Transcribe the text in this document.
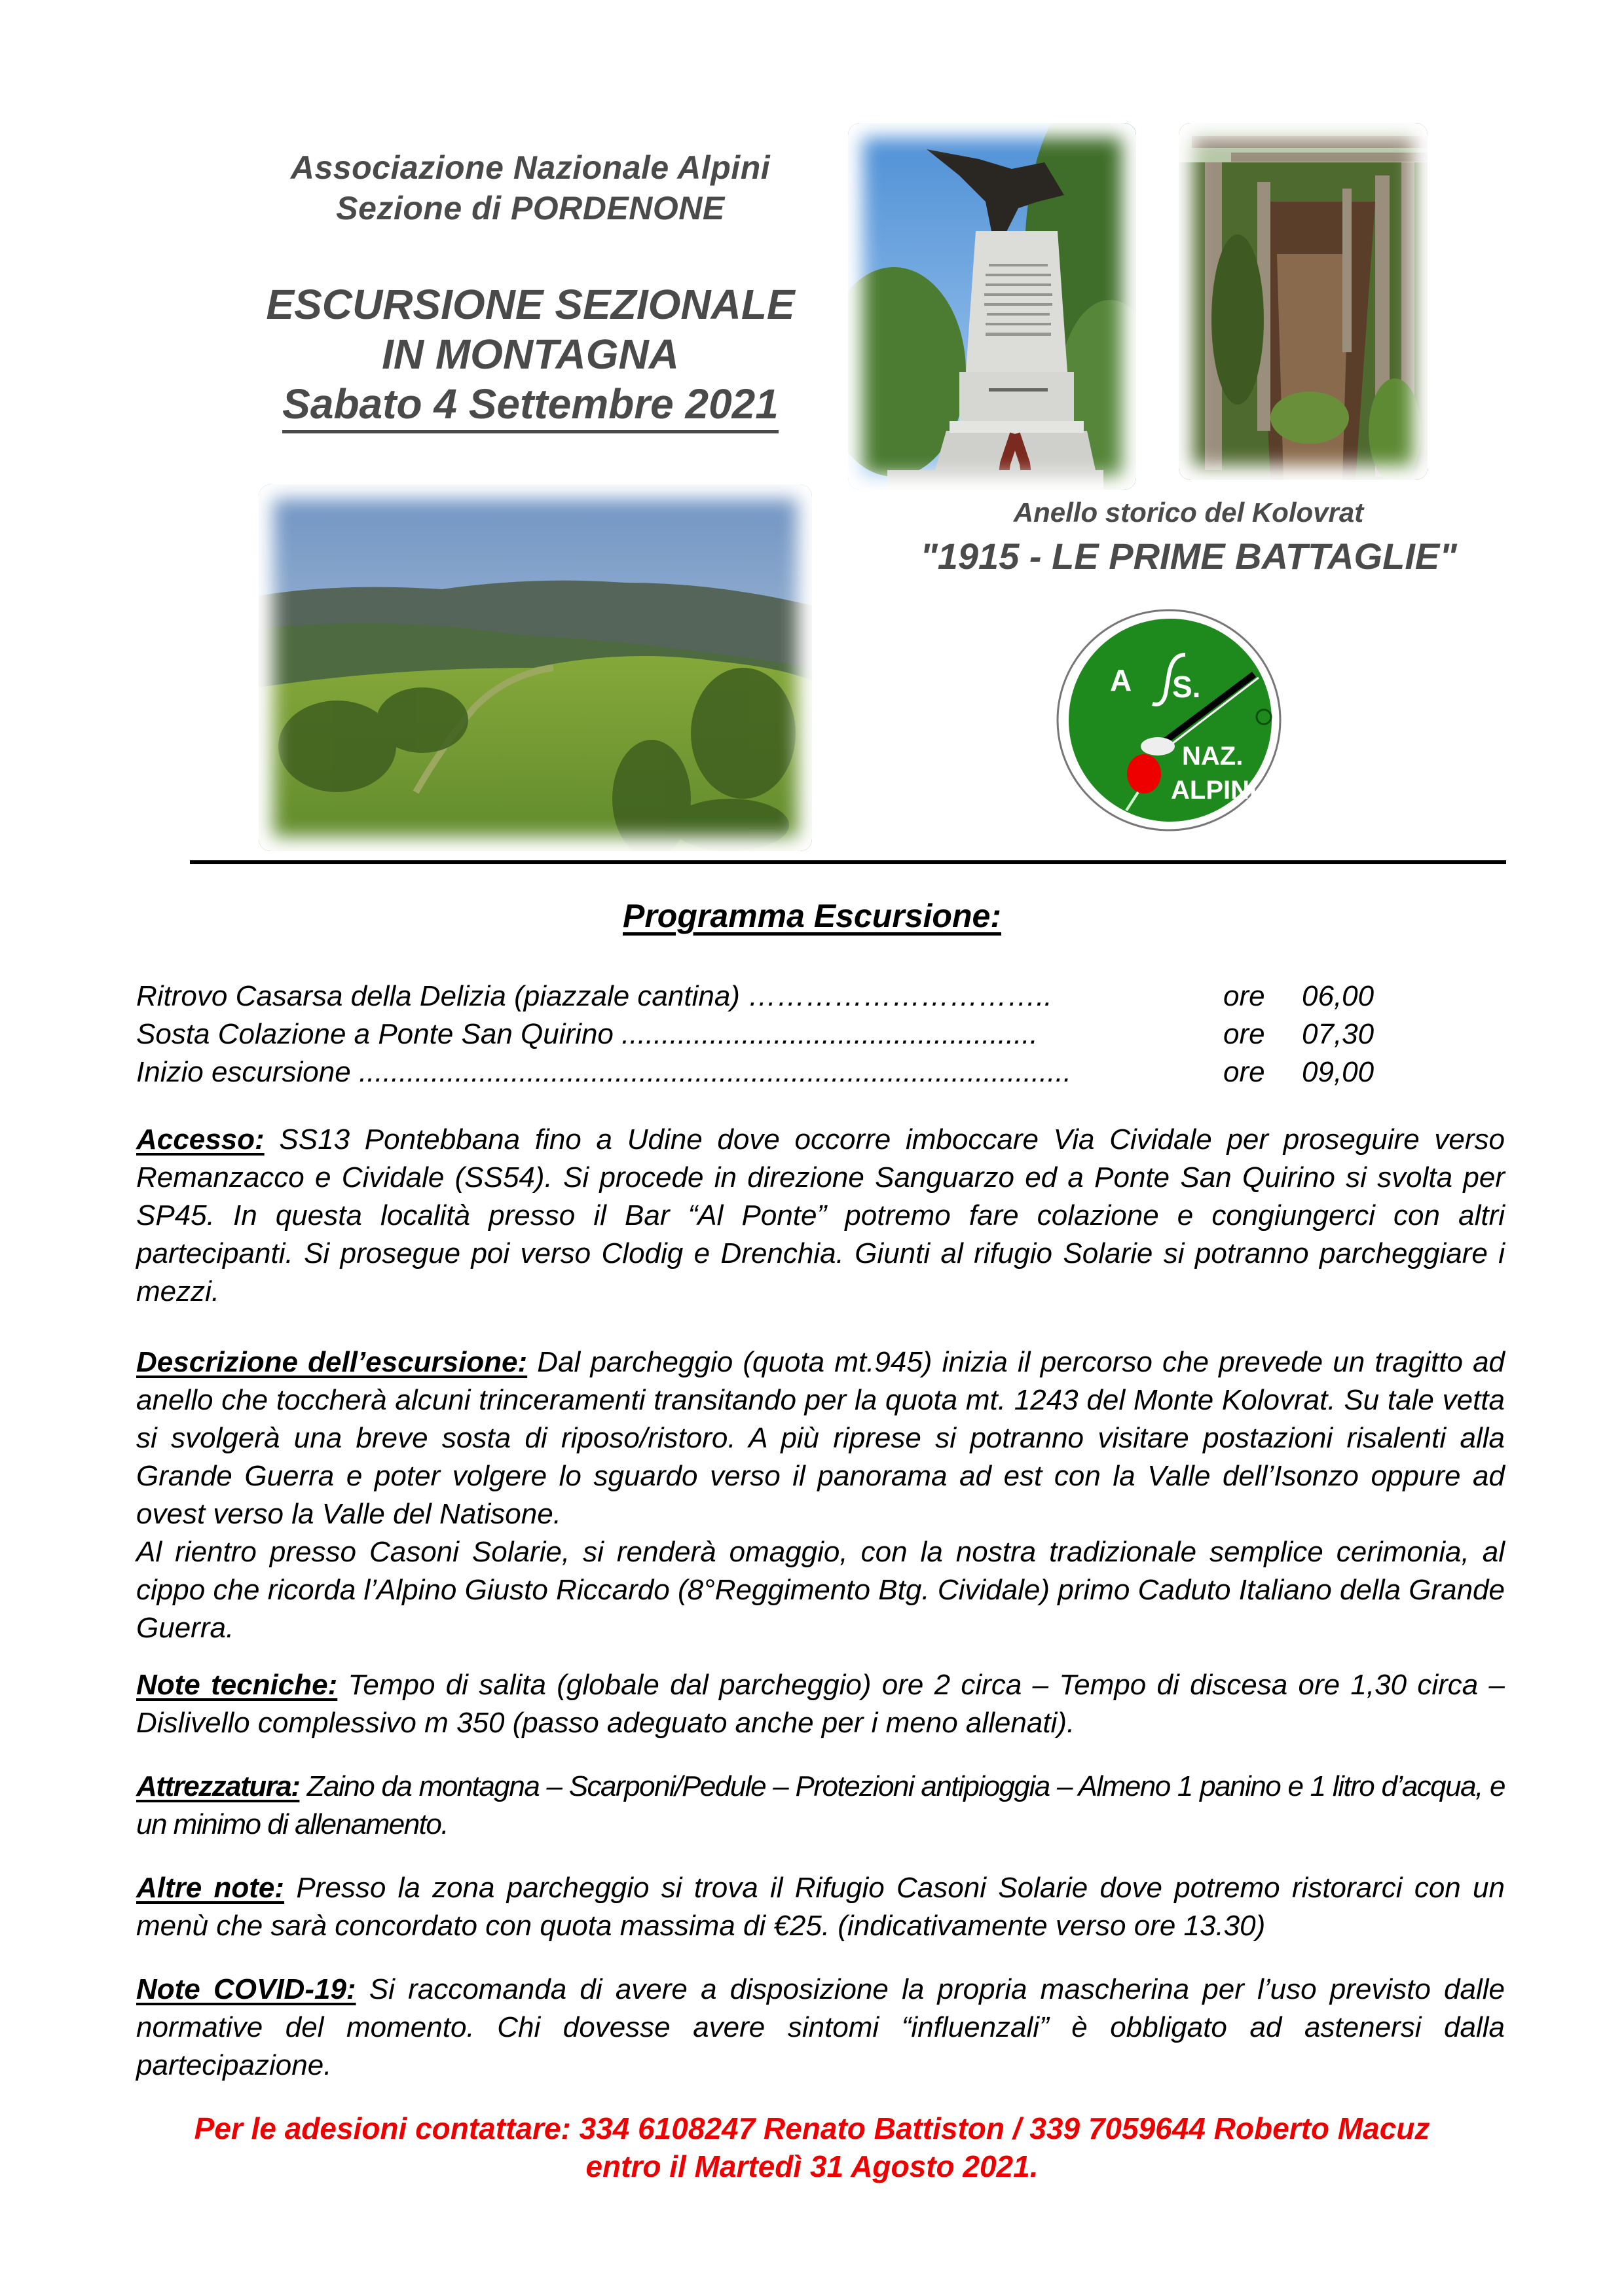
Associazione Nazionale Alpini
Sezione di PORDENONE
ESCURSIONE SEZIONALE
IN MONTAGNA
Sabato 4 Settembre 2021
Anello storico del Kolovrat
"1915 - LE PRIME BATTAGLIE"
A S.
NAZ.
ALPINI
Programma Escursione:
Ritrovo Casarsa della Delizia (piazzale cantina) …………………………..	ore 06,00
Sosta Colazione a Ponte San Quirino ....................................................	ore 07,30
Inizio escursione .........................................................................................	ore 09,00

Accesso: SS13 Pontebbana fino a Udine dove occorre imboccare Via Cividale per proseguire verso Remanzacco e Cividale (SS54). Si procede in direzione Sanguarzo ed a Ponte San Quirino si svolta per SP45. In questa località presso il Bar “Al Ponte” potremo fare colazione e congiungerci con altri partecipanti. Si prosegue poi verso Clodig e Drenchia. Giunti al rifugio Solarie si potranno parcheggiare i mezzi.

Descrizione dell’escursione: Dal parcheggio (quota mt.945) inizia il percorso che prevede un tragitto ad anello che toccherà alcuni trinceramenti transitando per la quota mt. 1243 del Monte Kolovrat. Su tale vetta si svolgerà una breve sosta di riposo/ristoro. A più riprese si potranno visitare postazioni risalenti alla Grande Guerra e poter volgere lo sguardo verso il panorama ad est con la Valle dell’Isonzo oppure ad ovest verso la Valle del Natisone.

Al rientro presso Casoni Solarie, si renderà omaggio, con la nostra tradizionale semplice cerimonia, al cippo che ricorda l’Alpino Giusto Riccardo (8°Reggimento Btg. Cividale) primo Caduto Italiano della Grande Guerra.

Note tecniche: Tempo di salita (globale dal parcheggio) ore 2 circa – Tempo di discesa ore 1,30 circa – Dislivello complessivo m 350 (passo adeguato anche per i meno allenati).

Attrezzatura: Zaino da montagna – Scarponi/Pedule – Protezioni antipioggia – Almeno 1 panino e 1 litro d’acqua, e un minimo di allenamento.

Altre note: Presso la zona parcheggio si trova il Rifugio Casoni Solarie dove potremo ristorarci con un menù che sarà concordato con quota massima di €25. (indicativamente verso ore 13.30)

Note COVID-19: Si raccomanda di avere a disposizione la propria mascherina per l’uso previsto dalle normative del momento. Chi dovesse avere sintomi “influenzali” è obbligato ad astenersi dalla partecipazione.

Per le adesioni contattare: 334 6108247 Renato Battiston / 339 7059644 Roberto Macuz
entro il Martedì 31 Agosto 2021.
